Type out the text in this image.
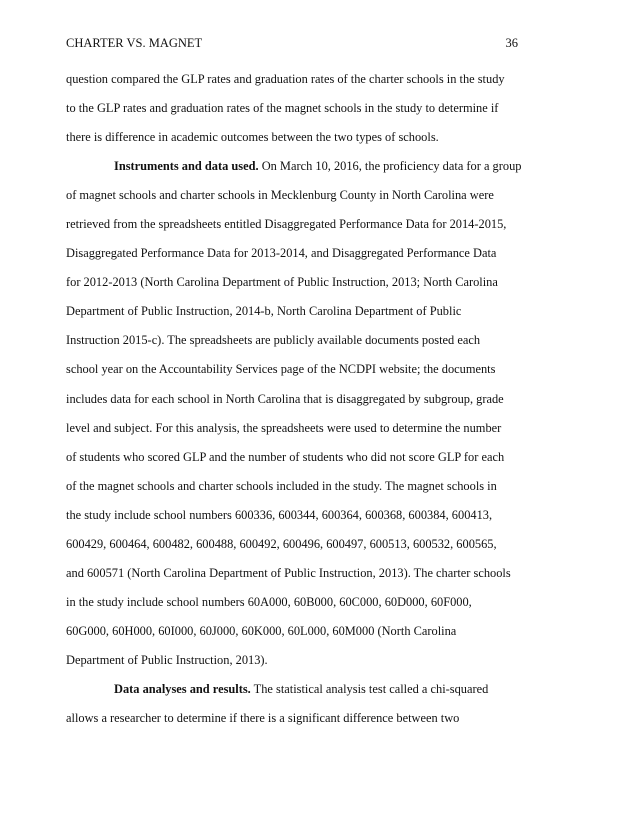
CHARTER VS. MAGNET	36
question compared the GLP rates and graduation rates of the charter schools in the study
to the GLP rates and graduation rates of the magnet schools in the study to determine if
there is difference in academic outcomes between the two types of schools.
Instruments and data used. On March 10, 2016, the proficiency data for a group
of magnet schools and charter schools in Mecklenburg County in North Carolina were
retrieved from the spreadsheets entitled Disaggregated Performance Data for 2014-2015,
Disaggregated Performance Data for 2013-2014, and Disaggregated Performance Data
for 2012-2013 (North Carolina Department of Public Instruction, 2013; North Carolina
Department of Public Instruction, 2014-b, North Carolina Department of Public
Instruction 2015-c). The spreadsheets are publicly available documents posted each
school year on the Accountability Services page of the NCDPI website; the documents
includes data for each school in North Carolina that is disaggregated by subgroup, grade
level and subject. For this analysis, the spreadsheets were used to determine the number
of students who scored GLP and the number of students who did not score GLP for each
of the magnet schools and charter schools included in the study. The magnet schools in
the study include school numbers 600336, 600344, 600364, 600368, 600384, 600413,
600429, 600464, 600482, 600488, 600492, 600496, 600497, 600513, 600532, 600565,
and 600571 (North Carolina Department of Public Instruction, 2013). The charter schools
in the study include school numbers 60A000, 60B000, 60C000, 60D000, 60F000,
60G000, 60H000, 60I000, 60J000, 60K000, 60L000, 60M000 (North Carolina
Department of Public Instruction, 2013).
Data analyses and results. The statistical analysis test called a chi-squared
allows a researcher to determine if there is a significant difference between two
